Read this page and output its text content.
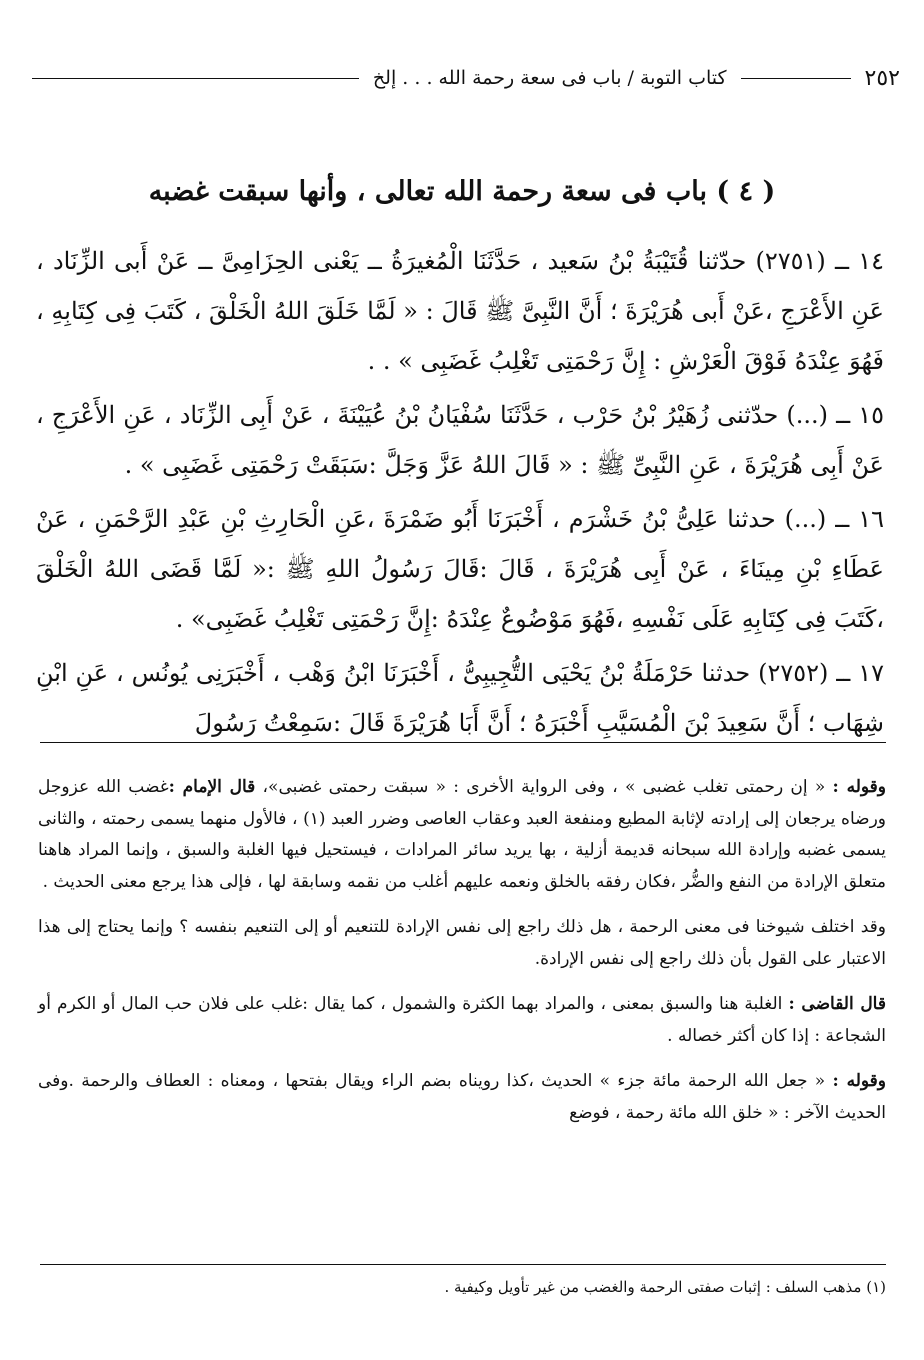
٢٥٢
كتاب التوبة / باب فى سعة رحمة الله . . . إلخ
( ٤ ) باب فى سعة رحمة الله تعالى ، وأنها سبقت غضبه

١٤ ــ (٢٧٥١) حدّثنا قُتَيْبَةُ بْنُ سَعيد ، حَدَّثَنَا الْمُغيرَةُ ــ يَعْنى الحِزَامِىَّ ــ عَنْ أَبى الزِّنَاد ، عَنِ الأَعْرَجِ ،عَنْ أَبى هُرَيْرَةَ ؛ أَنَّ النَّبِىَّ ﷺ قَالَ : « لَمَّا خَلَقَ اللهُ الْخَلْقَ ، كَتَبَ فِى كِتَابِهِ ، فَهُوَ عِنْدَهُ فَوْقَ الْعَرْشِ : إِنَّ رَحْمَتِى تَغْلِبُ غَضَبِى » . .

١٥ ــ (...) حدّثنى زُهَيْرُ بْنُ حَرْب ، حَدَّثَنَا سُفْيَانُ بْنُ عُيَيْنَةَ ، عَنْ أَبِى الزِّنَاد ، عَنِ الأَعْرَجِ ، عَنْ أَبِى هُرَيْرَةَ ، عَنِ النَّبِىِّ ﷺ : « قَالَ اللهُ عَزَّ وَجَلَّ :سَبَقَتْ رَحْمَتِى غَضَبِى » .

١٦ ــ (...) حدثنا عَلِىُّ بْنُ خَشْرَم ، أَخْبَرَنَا أَبُو ضَمْرَةَ ،عَنِ الْحَارِثِ بْنِ عَبْدِ الرَّحْمَنِ ، عَنْ عَطَاءِ بْنِ مِينَاءَ ، عَنْ أَبِى هُرَيْرَةَ ، قَالَ :قَالَ رَسُولُ اللهِ ﷺ :« لَمَّا قَضَى اللهُ الْخَلْقَ ،كَتَبَ فِى كِتَابِهِ عَلَى نَفْسِهِ ،فَهُوَ مَوْضُوعٌ عِنْدَهُ :إِنَّ رَحْمَتِى تَغْلِبُ غَضَبِى» .

١٧ ــ (٢٧٥٢) حدثنا حَرْمَلَةُ بْنُ يَحْيَى التُّجِيبِىُّ ، أَخْبَرَنَا ابْنُ وَهْب ، أَخْبَرَنِى يُونُس ، عَنِ ابْنِ شِهَاب ؛ أَنَّ سَعِيدَ بْنَ الْمُسَيَّبِ أَخْبَرَهُ ؛ أَنَّ أَبَا هُرَيْرَةَ قَالَ :سَمِعْتُ رَسُولَ

وقوله : « إن رحمتى تغلب غضبى » ، وفى الرواية الأخرى : « سبقت رحمتى غضبى»، قال الإمام :غضب الله عزوجل ورضاه يرجعان إلى إرادته لإثابة المطيع ومنفعة العبد وعقاب العاصى وضرر العبد (١) ، فالأول منهما يسمى رحمته ، والثانى يسمى غضبه وإرادة الله سبحانه قديمة أزلية ، بها يريد سائر المرادات ، فيستحيل فيها الغلبة والسبق ، وإنما المراد هاهنا متعلق الإرادة من النفع والضُّر ،فكان رفقه بالخلق ونعمه عليهم أغلب من نقمه وسابقة لها ، فإلى هذا يرجع معنى الحديث .

وقد اختلف شيوخنا فى معنى الرحمة ، هل ذلك راجع إلى نفس الإرادة للتنعيم أو إلى التنعيم بنفسه ؟ وإنما يحتاج إلى هذا الاعتبار على القول بأن ذلك راجع إلى نفس الإرادة.

قال القاضى : الغلبة هنا والسبق بمعنى ، والمراد بهما الكثرة والشمول ، كما يقال :غلب على فلان حب المال أو الكرم أو الشجاعة : إذا كان أكثر خصاله .

وقوله : « جعل الله الرحمة مائة جزء » الحديث ،كذا رويناه بضم الراء ويقال بفتحها ، ومعناه : العطاف والرحمة .وفى الحديث الآخر : « خلق الله مائة رحمة ، فوضع

(١) مذهب السلف : إثبات صفتى الرحمة والغضب من غير تأويل وكيفية .
